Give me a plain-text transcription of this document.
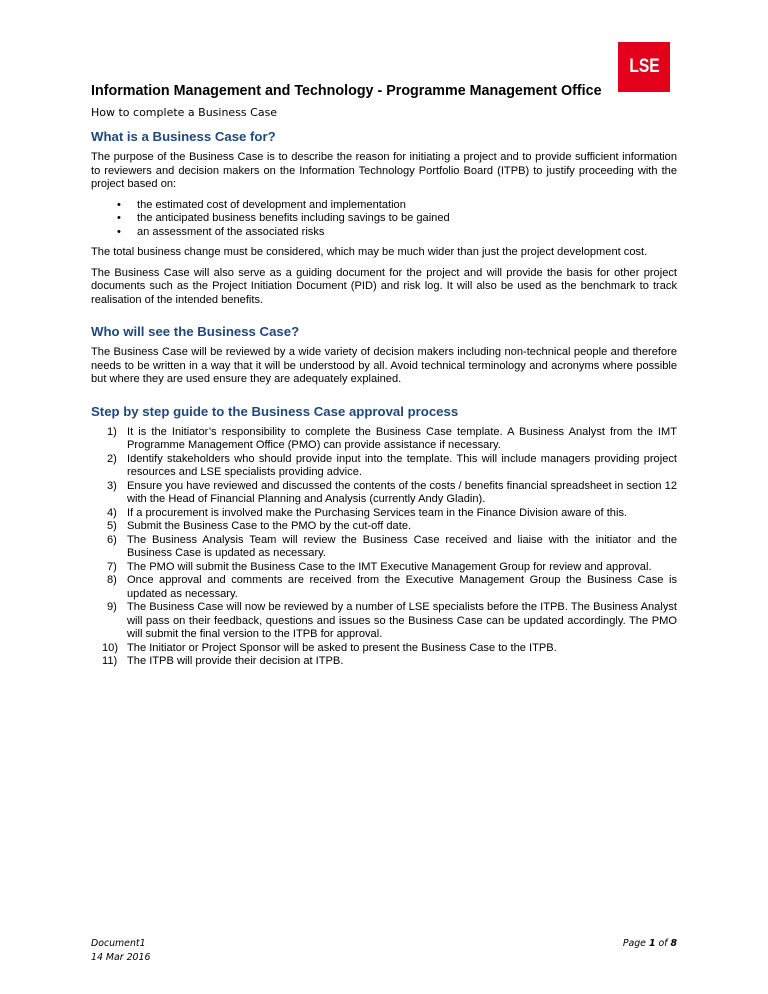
LSE
Information Management and Technology - Programme Management Office
How to complete a Business Case
What is a Business Case for?

The purpose of the Business Case is to describe the reason for initiating a project and to provide sufficient information to reviewers and decision makers on the Information Technology Portfolio Board (ITPB) to justify proceeding with the project based on:

• the estimated cost of development and implementation
• the anticipated business benefits including savings to be gained
• an assessment of the associated risks

The total business change must be considered, which may be much wider than just the project development cost.

The Business Case will also serve as a guiding document for the project and will provide the basis for other project documents such as the Project Initiation Document (PID) and risk log. It will also be used as the benchmark to track realisation of the intended benefits.

Who will see the Business Case?

The Business Case will be reviewed by a wide variety of decision makers including non-technical people and therefore needs to be written in a way that it will be understood by all. Avoid technical terminology and acronyms where possible but where they are used ensure they are adequately explained.

Step by step guide to the Business Case approval process
1) It is the Initiator’s responsibility to complete the Business Case template. A Business Analyst from the IMT Programme Management Office (PMO) can provide assistance if necessary.
2) Identify stakeholders who should provide input into the template. This will include managers providing project resources and LSE specialists providing advice.
3) Ensure you have reviewed and discussed the contents of the costs / benefits financial spreadsheet in section 12 with the Head of Financial Planning and Analysis (currently Andy Gladin).
4) If a procurement is involved make the Purchasing Services team in the Finance Division aware of this.
5) Submit the Business Case to the PMO by the cut-off date.
6) The Business Analysis Team will review the Business Case received and liaise with the initiator and the Business Case is updated as necessary.
7) The PMO will submit the Business Case to the IMT Executive Management Group for review and approval.
8) Once approval and comments are received from the Executive Management Group the Business Case is updated as necessary.
9) The Business Case will now be reviewed by a number of LSE specialists before the ITPB. The Business Analyst will pass on their feedback, questions and issues so the Business Case can be updated accordingly. The PMO will submit the final version to the ITPB for approval.
10) The Initiator or Project Sponsor will be asked to present the Business Case to the ITPB.
11) The ITPB will provide their decision at ITPB.
Document1
14 Mar 2016
Page 1 of 8
